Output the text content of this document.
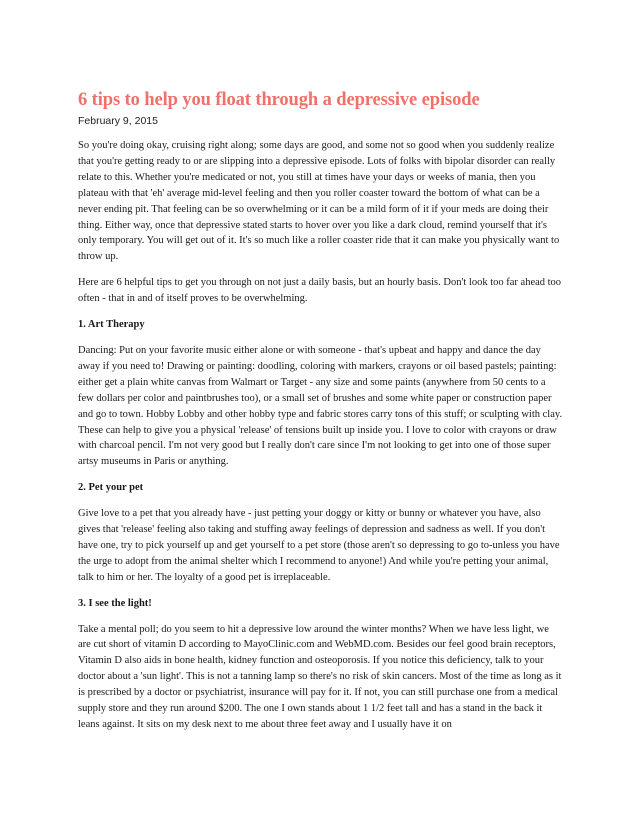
6 tips to help you float through a depressive episode
February 9, 2015

So you're doing okay, cruising right along; some days are good, and some not so good when you suddenly realize that you're getting ready to or are slipping into a depressive episode. Lots of folks with bipolar disorder can really relate to this. Whether you're medicated or not, you still at times have your days or weeks of mania, then you plateau with that 'eh' average mid-level feeling and then you roller coaster toward the bottom of what can be a never ending pit. That feeling can be so overwhelming or it can be a mild form of it if your meds are doing their thing. Either way, once that depressive stated starts to hover over you like a dark cloud, remind yourself that it's only temporary. You will get out of it. It's so much like a roller coaster ride that it can make you physically want to throw up.

Here are 6 helpful tips to get you through on not just a daily basis, but an hourly basis. Don't look too far ahead too often - that in and of itself proves to be overwhelming.

1. Art Therapy

Dancing: Put on your favorite music either alone or with someone - that's upbeat and happy and dance the day away if you need to! Drawing or painting: doodling, coloring with markers, crayons or oil based pastels; painting: either get a plain white canvas from Walmart or Target - any size and some paints (anywhere from 50 cents to a few dollars per color and paintbrushes too), or a small set of brushes and some white paper or construction paper and go to town. Hobby Lobby and other hobby type and fabric stores carry tons of this stuff; or sculpting with clay. These can help to give you a physical 'release' of tensions built up inside you. I love to color with crayons or draw with charcoal pencil. I'm not very good but I really don't care since I'm not looking to get into one of those super artsy museums in Paris or anything.

2. Pet your pet

Give love to a pet that you already have - just petting your doggy or kitty or bunny or whatever you have, also gives that 'release' feeling also taking and stuffing away feelings of depression and sadness as well. If you don't have one, try to pick yourself up and get yourself to a pet store (those aren't so depressing to go to-unless you have the urge to adopt from the animal shelter which I recommend to anyone!) And while you're petting your animal, talk to him or her. The loyalty of a good pet is irreplaceable.

3. I see the light!

Take a mental poll; do you seem to hit a depressive low around the winter months? When we have less light, we are cut short of vitamin D according to MayoClinic.com and WebMD.com. Besides our feel good brain receptors, Vitamin D also aids in bone health, kidney function and osteoporosis. If you notice this deficiency, talk to your doctor about a 'sun light'. This is not a tanning lamp so there's no risk of skin cancers. Most of the time as long as it is prescribed by a doctor or psychiatrist, insurance will pay for it. If not, you can still purchase one from a medical supply store and they run around $200. The one I own stands about 1 1/2 feet tall and has a stand in the back it leans against. It sits on my desk next to me about three feet away and I usually have it on
